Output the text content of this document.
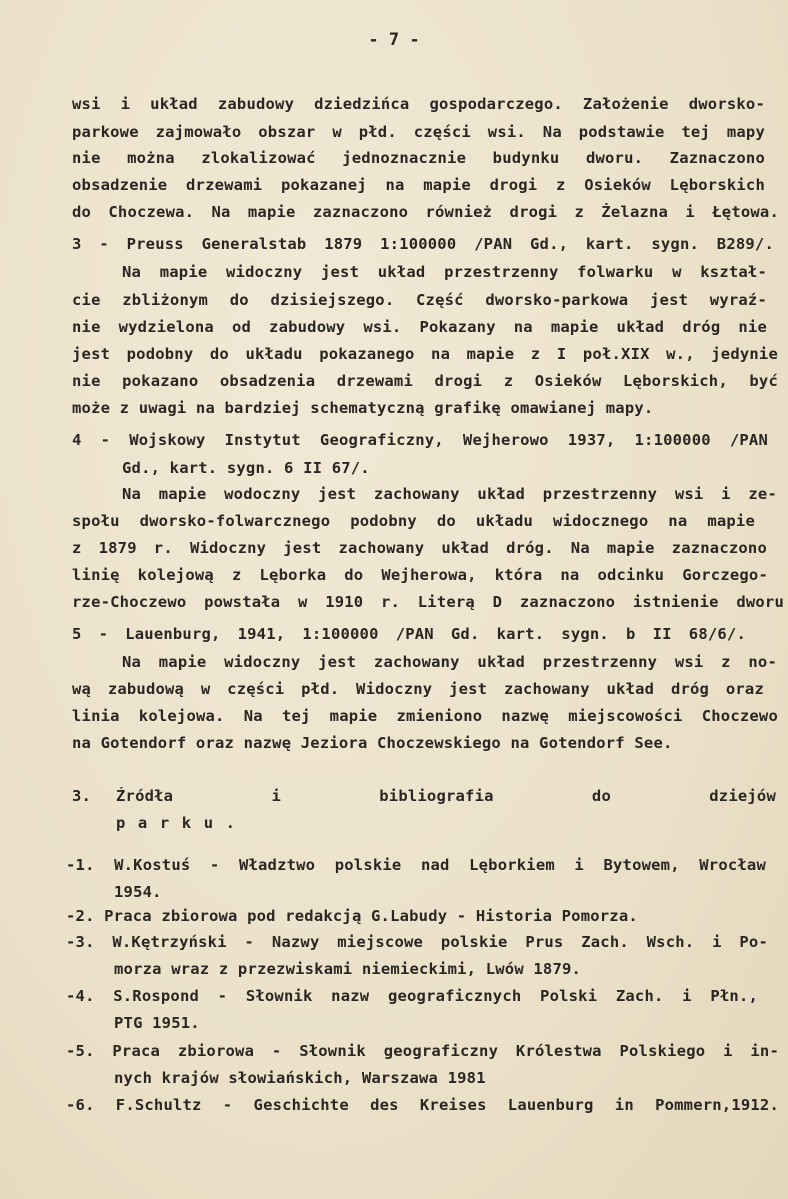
- 7 -
wsi i układ zabudowy dziedzińca gospodarczego. Założenie dworsko-
parkowe zajmowało obszar w płd. części wsi. Na podstawie tej mapy
nie można zlokalizować jednoznacznie budynku dworu. Zaznaczono
obsadzenie drzewami pokazanej na mapie drogi z Osieków Lęborskich
do Choczewa. Na mapie zaznaczono również drogi z Żelazna i Łętowa.
3 - Preuss Generalstab 1879 1:100000 /PAN Gd., kart. sygn. B289/.
Na mapie widoczny jest układ przestrzenny folwarku w kształ-
cie zbliżonym do dzisiejszego. Część dworsko-parkowa jest wyraź-
nie wydzielona od zabudowy wsi. Pokazany na mapie układ dróg nie
jest podobny do układu pokazanego na mapie z I poł.XIX w., jedynie
nie pokazano obsadzenia drzewami drogi z Osieków Lęborskich, być
może z uwagi na bardziej schematyczną grafikę omawianej mapy.
4 - Wojskowy Instytut Geograficzny, Wejherowo 1937, 1:100000 /PAN
Gd., kart. sygn. 6 II 67/.
Na mapie wodoczny jest zachowany układ przestrzenny wsi i ze-
społu dworsko-folwarcznego podobny do układu widocznego na mapie
z 1879 r. Widoczny jest zachowany układ dróg. Na mapie zaznaczono
linię kolejową z Lęborka do Wejherowa, która na odcinku Gorczego-
rze-Choczewo powstała w 1910 r. Literą D zaznaczono istnienie dworu
5 - Lauenburg, 1941, 1:100000 /PAN Gd. kart. sygn. b II 68/6/.
Na mapie widoczny jest zachowany układ przestrzenny wsi z no-
wą zabudową w części płd. Widoczny jest zachowany układ dróg oraz
linia kolejowa. Na tej mapie zmieniono nazwę miejscowości Choczewo
na Gotendorf oraz nazwę Jeziora Choczewskiego na Gotendorf See.
3. Źródła i bibliografia do dziejów
parku.
-1. W.Kostuś - Władztwo polskie nad Lęborkiem i Bytowem, Wrocław
1954.
-2. Praca zbiorowa pod redakcją G.Labudy - Historia Pomorza.
-3. W.Kętrzyński - Nazwy miejscowe polskie Prus Zach. Wsch. i Po-
morza wraz z przezwiskami niemieckimi, Lwów 1879.
-4. S.Rospond - Słownik nazw geograficznych Polski Zach. i Płn.,
PTG 1951.
-5. Praca zbiorowa - Słownik geograficzny Królestwa Polskiego i in-
nych krajów słowiańskich, Warszawa 1981
-6. F.Schultz - Geschichte des Kreises Lauenburg in Pommern,1912.
